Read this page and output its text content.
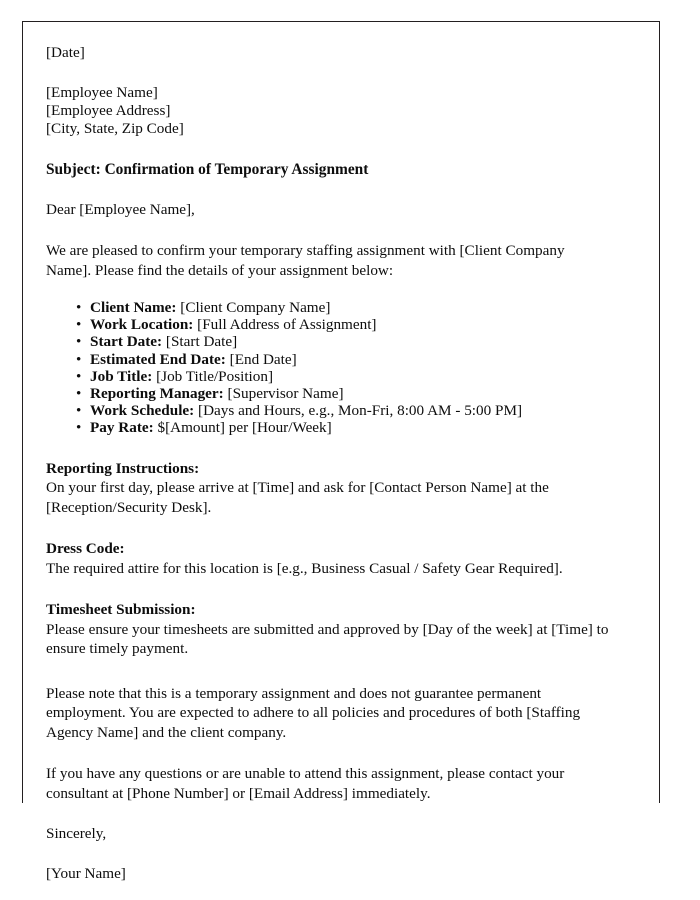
[Date]
[Employee Name]
[Employee Address]
[City, State, Zip Code]
Subject: Confirmation of Temporary Assignment
Dear [Employee Name],
We are pleased to confirm your temporary staffing assignment with [Client Company Name]. Please find the details of your assignment below:
• Client Name: [Client Company Name]
• Work Location: [Full Address of Assignment]
• Start Date: [Start Date]
• Estimated End Date: [End Date]
• Job Title: [Job Title/Position]
• Reporting Manager: [Supervisor Name]
• Work Schedule: [Days and Hours, e.g., Mon-Fri, 8:00 AM - 5:00 PM]
• Pay Rate: $[Amount] per [Hour/Week]
Reporting Instructions:
On your first day, please arrive at [Time] and ask for [Contact Person Name] at the [Reception/Security Desk].
Dress Code:
The required attire for this location is [e.g., Business Casual / Safety Gear Required].
Timesheet Submission:
Please ensure your timesheets are submitted and approved by [Day of the week] at [Time] to ensure timely payment.
Please note that this is a temporary assignment and does not guarantee permanent employment. You are expected to adhere to all policies and procedures of both [Staffing Agency Name] and the client company.
If you have any questions or are unable to attend this assignment, please contact your consultant at [Phone Number] or [Email Address] immediately.
Sincerely,
[Your Name]
